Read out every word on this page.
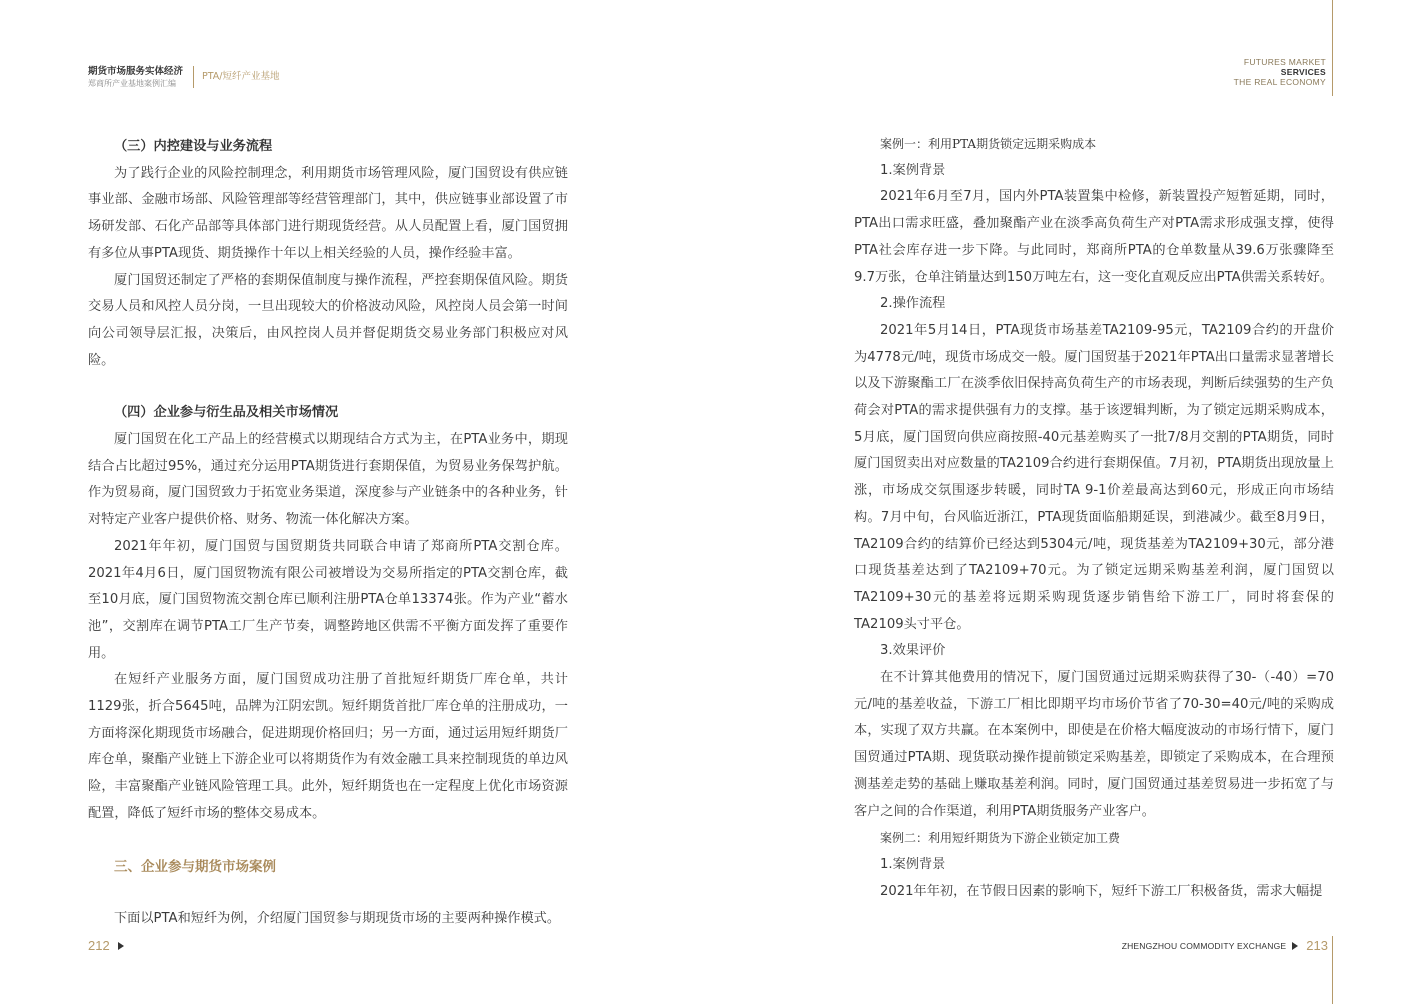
期货市场服务实体经济
郑商所产业基地案例汇编
PTA/短纤产业基地
FUTURES MARKET
SERVICES
THE REAL ECONOMY

（三）内控建设与业务流程

为了践行企业的风险控制理念，利用期货市场管理风险，厦门国贸设有供应链事业部、金融市场部、风险管理部等经营管理部门，其中，供应链事业部设置了市场研发部、石化产品部等具体部门进行期现货经营。从人员配置上看，厦门国贸拥有多位从事PTA现货、期货操作十年以上相关经验的人员，操作经验丰富。

厦门国贸还制定了严格的套期保值制度与操作流程，严控套期保值风险。期货交易人员和风控人员分岗，一旦出现较大的价格波动风险，风控岗人员会第一时间向公司领导层汇报，决策后，由风控岗人员并督促期货交易业务部门积极应对风险。

（四）企业参与衍生品及相关市场情况

厦门国贸在化工产品上的经营模式以期现结合方式为主，在PTA业务中，期现结合占比超过95%，通过充分运用PTA期货进行套期保值，为贸易业务保驾护航。作为贸易商，厦门国贸致力于拓宽业务渠道，深度参与产业链条中的各种业务，针对特定产业客户提供价格、财务、物流一体化解决方案。

2021年年初，厦门国贸与国贸期货共同联合申请了郑商所PTA交割仓库。2021年4月6日，厦门国贸物流有限公司被增设为交易所指定的PTA交割仓库，截至10月底，厦门国贸物流交割仓库已顺利注册PTA仓单13374张。作为产业“蓄水池”，交割库在调节PTA工厂生产节奏，调整跨地区供需不平衡方面发挥了重要作用。

在短纤产业服务方面，厦门国贸成功注册了首批短纤期货厂库仓单，共计1129张，折合5645吨，品牌为江阴宏凯。短纤期货首批厂库仓单的注册成功，一方面将深化期现货市场融合，促进期现价格回归；另一方面，通过运用短纤期货厂库仓单，聚酯产业链上下游企业可以将期货作为有效金融工具来控制现货的单边风险，丰富聚酯产业链风险管理工具。此外，短纤期货也在一定程度上优化市场资源配置，降低了短纤市场的整体交易成本。

三、企业参与期货市场案例

下面以PTA和短纤为例，介绍厦门国贸参与期现货市场的主要两种操作模式。

案例一：利用PTA期货锁定远期采购成本

1.案例背景

2021年6月至7月，国内外PTA装置集中检修，新装置投产短暂延期，同时，PTA出口需求旺盛，叠加聚酯产业在淡季高负荷生产对PTA需求形成强支撑，使得PTA社会库存进一步下降。与此同时，郑商所PTA的仓单数量从39.6万张骤降至9.7万张，仓单注销量达到150万吨左右，这一变化直观反应出PTA供需关系转好。

2.操作流程

2021年5月14日，PTA现货市场基差TA2109-95元，TA2109合约的开盘价为4778元/吨，现货市场成交一般。厦门国贸基于2021年PTA出口量需求显著增长以及下游聚酯工厂在淡季依旧保持高负荷生产的市场表现，判断后续强势的生产负荷会对PTA的需求提供强有力的支撑。基于该逻辑判断，为了锁定远期采购成本，5月底，厦门国贸向供应商按照-40元基差购买了一批7/8月交割的PTA期货，同时厦门国贸卖出对应数量的TA2109合约进行套期保值。7月初，PTA期货出现放量上涨，市场成交氛围逐步转暖，同时TA 9-1价差最高达到60元，形成正向市场结构。7月中旬，台风临近浙江，PTA现货面临船期延误，到港减少。截至8月9日，TA2109合约的结算价已经达到5304元/吨，现货基差为TA2109+30元，部分港口现货基差达到了TA2109+70元。为了锁定远期采购基差利润，厦门国贸以TA2109+30元的基差将远期采购现货逐步销售给下游工厂，同时将套保的TA2109头寸平仓。

3.效果评价

在不计算其他费用的情况下，厦门国贸通过远期采购获得了30-（-40）=70元/吨的基差收益，下游工厂相比即期平均市场价节省了70-30=40元/吨的采购成本，实现了双方共赢。在本案例中，即使是在价格大幅度波动的市场行情下，厦门国贸通过PTA期、现货联动操作提前锁定采购基差，即锁定了采购成本，在合理预测基差走势的基础上赚取基差利润。同时，厦门国贸通过基差贸易进一步拓宽了与客户之间的合作渠道，利用PTA期货服务产业客户。

案例二：利用短纤期货为下游企业锁定加工费

1.案例背景

2021年年初，在节假日因素的影响下，短纤下游工厂积极备货，需求大幅提

212	ZHENGZHOU COMMODITY EXCHANGE 213
